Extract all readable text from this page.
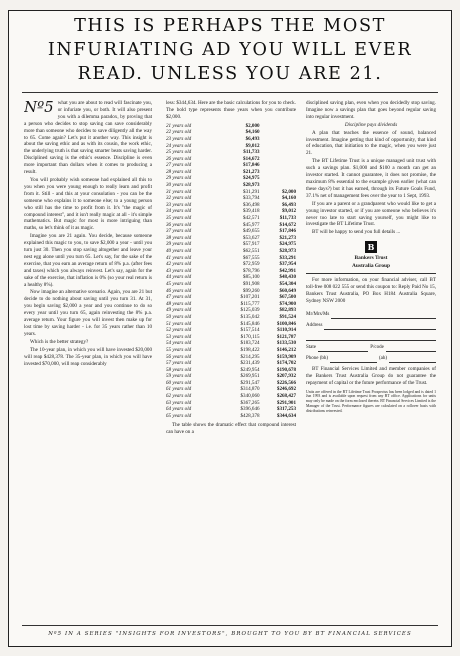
THIS IS PERHAPS THE MOST INFURIATING AD YOU WILL EVER READ. UNLESS YOU ARE 21.
Nº5 what you are about to read will fascinate you, or infuriate you, or both. It will also present you with a dilemma paradox, by proving that a person who decides to stop saving can save considerably more than someone who decides to save diligently all the way to 65. Come again? Let's put it another way. This insight is about the saving ethic and as with its cousin, the work ethic, the underlying truth is that saving smarter beats saving harder. Disciplined saving is the ethic's essence. Discipline is even more important than dollars when it comes to producing a result.

You will probably wish someone had explained all this to you when you were young enough to really learn and profit from it. Still - and this at your consolation - you can be the someone who explains it to someone else; to a young person who still has the time to profit from it. It's "the magic of compound interest", and it isn't really magic at all - it's simple mathematics. But magic for most is more intriguing than maths, so let's think of it as magic.

Imagine you are 21 again. You decide, because someone explained this magic to you, to save $2,000 a year - until you turn just 30. Then you stop saving altogether and leave your nest egg alone until you turn 65. Let's say, for the sake of the exercise, that you earn an average return of 8% p.a. (after fees and taxes) which you always reinvest. Let's say, again for the sake of the exercise, that inflation is 0% (so your real return is a healthy 8%).

Now imagine an alternative scenario. Again, you are 21 but decide to do nothing about saving until you turn 31. At 31, you begin saving $2,000 a year and you continue to do so every year until you turn 65, again reinvesting the 8% p.a. average return. Your figure you will invest then make up for lost time by saving harder - i.e. for 35 years rather than 10 years.

Which is the better strategy?

The 10-year plan, in which you will have invested $20,000 will reap $428,378. The 35-year plan, in which you will have invested $70,000, will reap considerably

less: $344,634. Here are the basic calculations for you to check. The bold type represents those years when you contribute $2,000.

21 years old	$2,000	
22 years old	$4,160	
23 years old	$6,493	
24 years old	$9,012	
25 years old	$11,733	
26 years old	$14,672	
27 years old	$17,846	
28 years old	$21,273	
29 years old	$24,975	
30 years old	$28,973	
31 years old	$31,291	$2,000
32 years old	$33,794	$4,160
33 years old	$36,498	$6,493
34 years old	$39,418	$9,012
35 years old	$42,571	$11,733
36 years old	$45,977	$14,672
37 years old	$49,655	$17,846
38 years old	$53,627	$21,273
39 years old	$57,917	$24,975
40 years old	$62,551	$28,973
41 years old	$67,555	$33,291
42 years old	$72,959	$37,954
43 years old	$78,796	$42,991
44 years old	$85,100	$48,430
45 years old	$91,908	$54,304
46 years old	$99,260	$60,649
47 years old	$107,201	$67,500
48 years old	$115,777	$74,900
49 years old	$125,039	$82,893
50 years old	$135,042	$91,524
51 years old	$145,846	$100,846
52 years old	$157,514	$110,914
53 years old	$170,115	$121,787
54 years old	$183,724	$133,530
55 years old	$198,422	$146,212
56 years old	$214,295	$159,909
57 years old	$231,439	$174,702
58 years old	$249,954	$190,678
59 years old	$269,951	$207,932
60 years old	$291,547	$226,566
61 years old	$314,870	$246,692
62 years old	$340,060	$268,427
63 years old	$367,265	$291,901
64 years old	$396,646	$317,253
65 years old	$428,378	$344,634

The table shows the dramatic effect that compound interest can have on a

disciplined saving plan, even when you decidedly stop saving. Imagine now a savings plan that goes beyond regular saving into regular investment.

Discipline pays dividends

A plan that teaches the essence of sound, balanced investment. Imagine getting that kind of opportunity, that kind of education, that initiation to the magic, when you were just 21.

The BT Lifetime Trust is a unique managed unit trust with such a savings plan. $1,000 and $100 a month can get an investor started. It cannot guarantee, it does not promise, the maximum 8% essential to the example given earlier (what can these days?) but it has earned, through its Future Goals Fund, 37.1% net of management fees over the year to 1 Sept, 1993.

If you are a parent or a grandparent who would like to get a young investor started, or if you are someone who believes it's never too late to start saving yourself, you might like to investigate the BT Lifetime Trust.

BT will be happy to send you full details ...

B

Bankers Trust

Australia Group

For more information, on your financial adviser, call BT toll-free 008 022 555 or send this coupon to: Reply Paid No 15, Bankers Trust Australia, PO Box H184 Australia Square, Sydney NSW 2000

Mr/Mrs/Ms
Address
State	P/code
Phone (bh)	(ah)

BT Financial Services Limited and member companies of the Bankers Trust Australia Group do not guarantee the repayment of capital or the future performance of the Trust.

Units are offered in the BT Lifetime Trust Prospectus has been lodged and is dated 1 Jun 1993 and is available upon request from any BT office. Applications for units may only be made on the form enclosed therein. BT Financial Services Limited is the Manager of the Trust. Performance figures are calculated on a rollover basis with distributions reinvested.
Nº5 IN A SERIES "INSIGHTS FOR INVESTORS", BROUGHT TO YOU BY BT FINANCIAL SERVICES
